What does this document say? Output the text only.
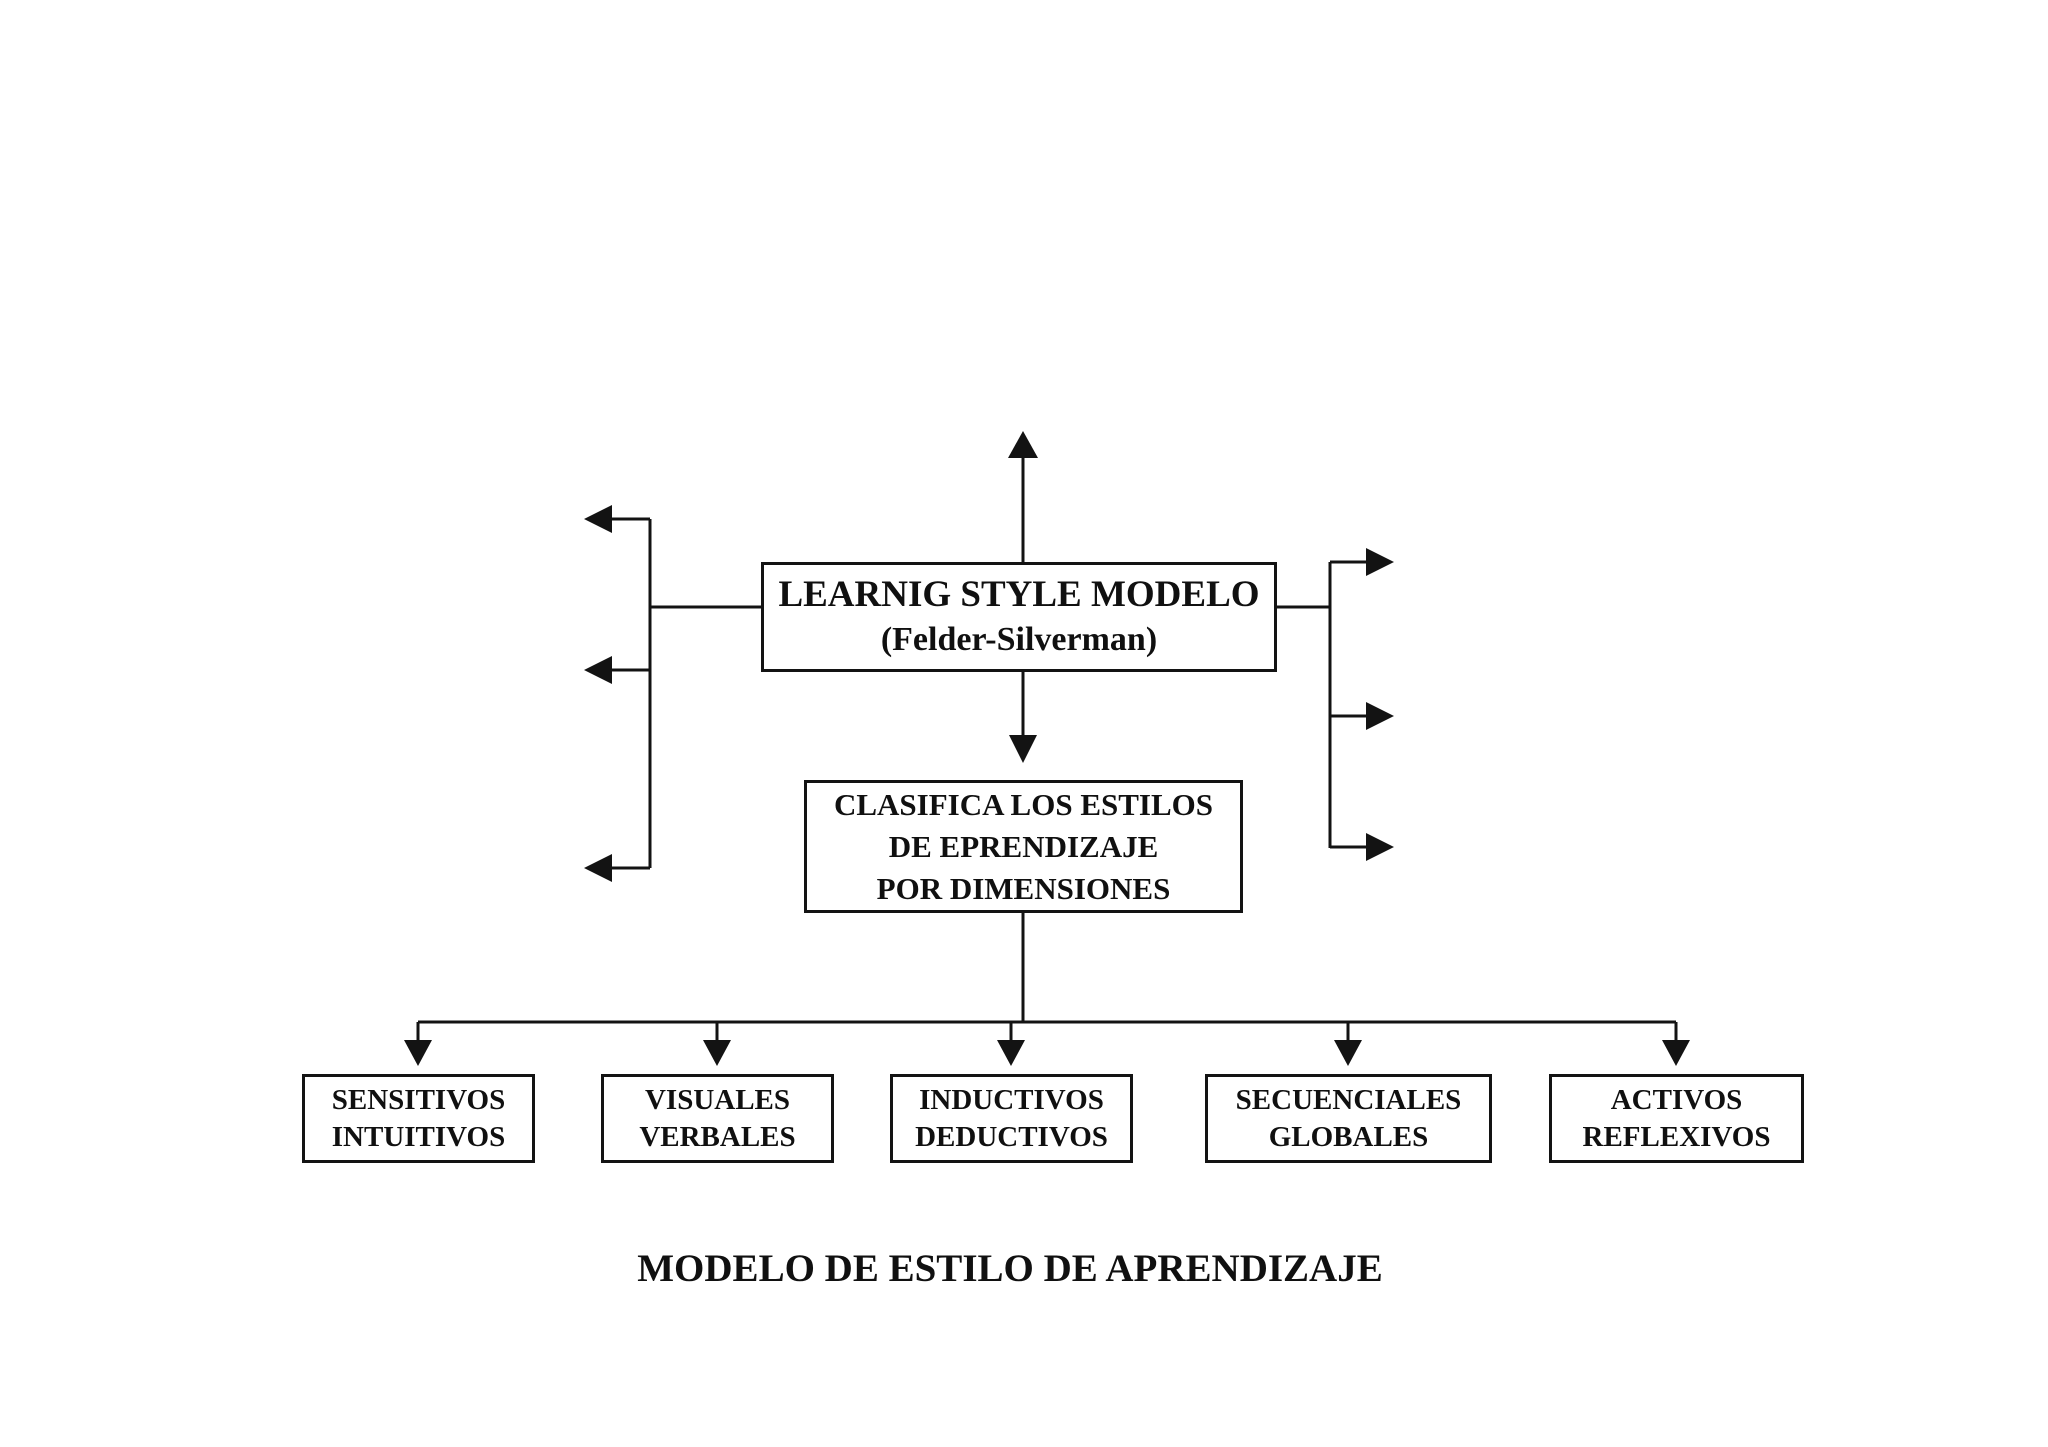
LEARNIG STYLE MODELO
(Felder-Silverman)
CLASIFICA LOS ESTILOS
DE EPRENDIZAJE
POR DIMENSIONES
SENSITIVOS
INTUITIVOS
VISUALES
VERBALES
INDUCTIVOS
DEDUCTIVOS
SECUENCIALES
GLOBALES
ACTIVOS
REFLEXIVOS
MODELO DE ESTILO DE APRENDIZAJE
